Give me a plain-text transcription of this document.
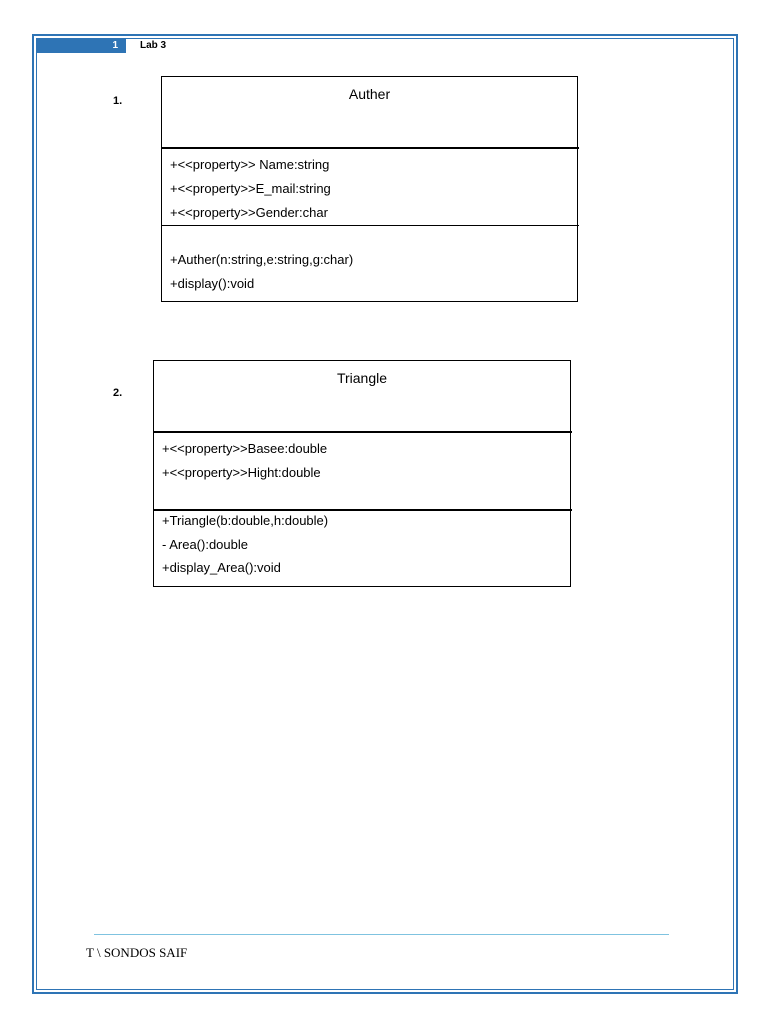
1	Lab 3
1.	Auther
+<<property>> Name:string
+<<property>>E_mail:string
+<<property>>Gender:char
+Auther(n:string,e:string,g:char)
+display():void
2.
Triangle
+<<property>>Basee:double
+<<property>>Hight:double
+Triangle(b:double,h:double)
- Area():double
+display_Area():void
T \ SONDOS SAIF
